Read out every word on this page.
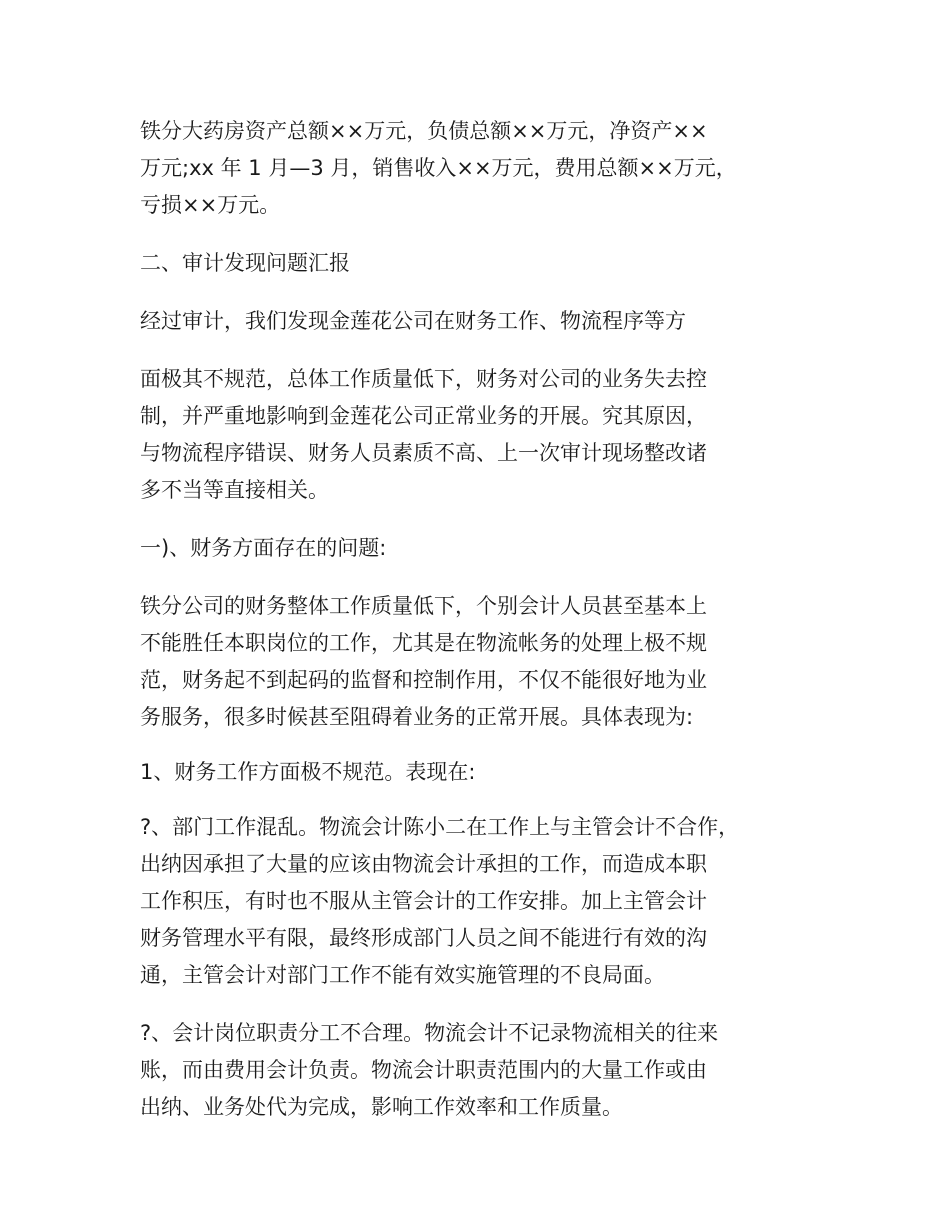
铁分大药房资产总额××万元，负债总额××万元，净资产××
万元;xx 年 1 月—3 月，销售收入××万元，费用总额××万元，
亏损××万元。
二、审计发现问题汇报
经过审计，我们发现金莲花公司在财务工作、物流程序等方
面极其不规范，总体工作质量低下，财务对公司的业务失去控
制，并严重地影响到金莲花公司正常业务的开展。究其原因，
与物流程序错误、财务人员素质不高、上一次审计现场整改诸
多不当等直接相关。
一)、财务方面存在的问题:
铁分公司的财务整体工作质量低下，个别会计人员甚至基本上
不能胜任本职岗位的工作，尤其是在物流帐务的处理上极不规
范，财务起不到起码的监督和控制作用，不仅不能很好地为业
务服务，很多时候甚至阻碍着业务的正常开展。具体表现为:
1、财务工作方面极不规范。表现在:
?、部门工作混乱。物流会计陈小二在工作上与主管会计不合作，
出纳因承担了大量的应该由物流会计承担的工作，而造成本职
工作积压，有时也不服从主管会计的工作安排。加上主管会计
财务管理水平有限，最终形成部门人员之间不能进行有效的沟
通，主管会计对部门工作不能有效实施管理的不良局面。
?、会计岗位职责分工不合理。物流会计不记录物流相关的往来
账，而由费用会计负责。物流会计职责范围内的大量工作或由
出纳、业务处代为完成，影响工作效率和工作质量。
